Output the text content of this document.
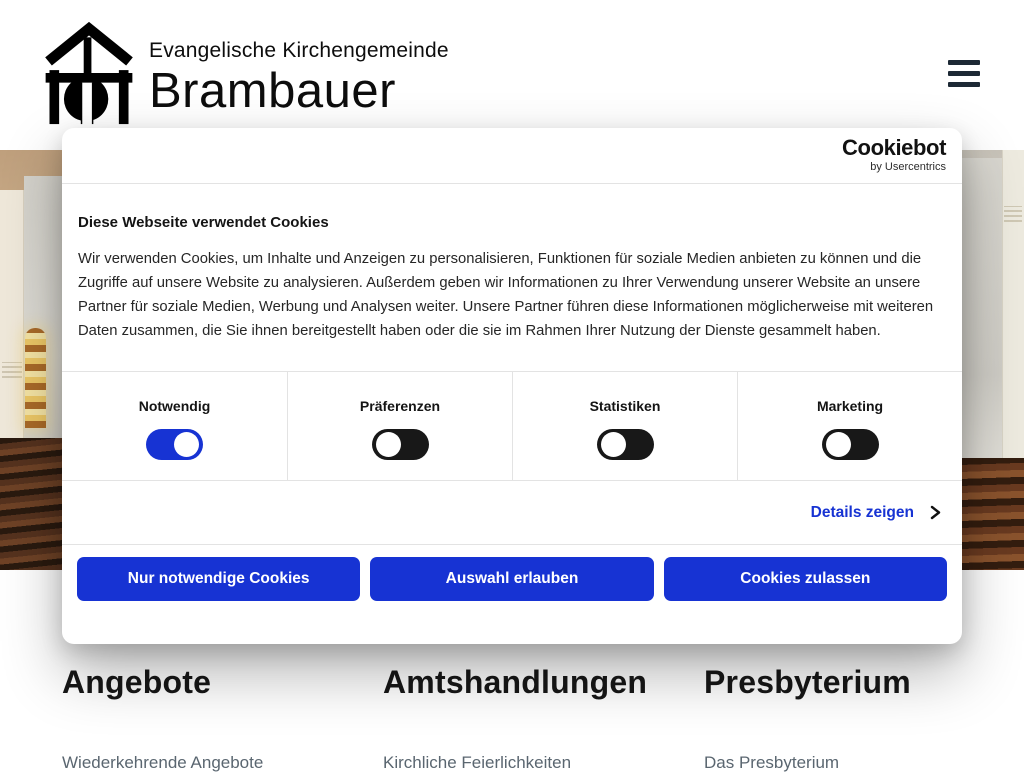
Evangelische Kirchengemeinde
Brambauer
Angebote
Wiederkehrende Angebote
Amtshandlungen
Kirchliche Feierlichkeiten
Presbyterium
Das Presbyterium
Cookiebot
by Usercentrics
Diese Webseite verwendet Cookies

Wir verwenden Cookies, um Inhalte und Anzeigen zu personalisieren, Funktionen für soziale Medien anbieten zu können und die Zugriffe auf unsere Website zu analysieren. Außerdem geben wir Informationen zu Ihrer Verwendung unserer Website an unsere Partner für soziale Medien, Werbung und Analysen weiter. Unsere Partner führen diese Informationen möglicherweise mit weiteren Daten zusammen, die Sie ihnen bereitgestellt haben oder die sie im Rahmen Ihrer Nutzung der Dienste gesammelt haben.

Notwendig	Präferenzen	Statistiken	Marketing
Details zeigen
Nur notwendige Cookies	Auswahl erlauben	Cookies zulassen
